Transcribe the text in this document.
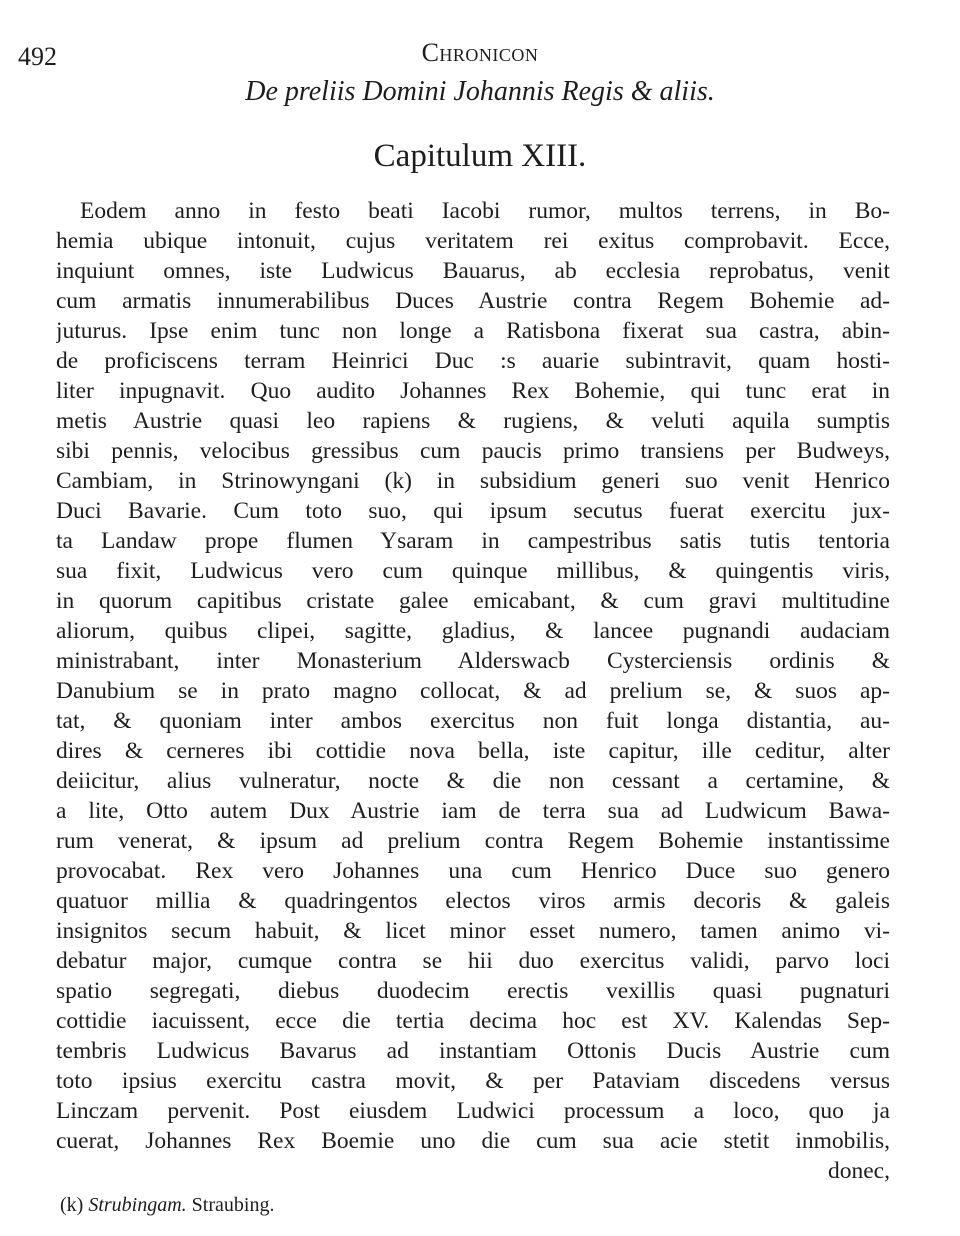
492	Chronicon
De preliis Domini Johannis Regis & aliis.
Capitulum XIII.
Eodem anno in festo beati Iacobi rumor, multos terrens, in Bo-
hemia ubique intonuit, cujus veritatem rei exitus comprobavit. Ecce,
inquiunt omnes, iste Ludwicus Bauarus, ab ecclesia reprobatus, venit
cum armatis innumerabilibus Duces Austrie contra Regem Bohemie ad-
juturus. Ipse enim tunc non longe a Ratisbona fixerat sua castra, abin-
de proficiscens terram Heinrici Duc :s auarie subintravit, quam hosti-
liter inpugnavit. Quo audito Johannes Rex Bohemie, qui tunc erat in
metis Austrie quasi leo rapiens & rugiens, & veluti aquila sumptis
sibi pennis, velocibus gressibus cum paucis primo transiens per Budweys,
Cambiam, in Strinowyngani (k) in subsidium generi suo venit Henrico
Duci Bavarie. Cum toto suo, qui ipsum secutus fuerat exercitu jux-
ta Landaw prope flumen Ysaram in campestribus satis tutis tentoria
sua fixit, Ludwicus vero cum quinque millibus, & quingentis viris,
in quorum capitibus cristate galee emicabant, & cum gravi multitudine
aliorum, quibus clipei, sagitte, gladius, & lancee pugnandi audaciam
ministrabant, inter Monasterium Alderswacb Cysterciensis ordinis &
Danubium se in prato magno collocat, & ad prelium se, & suos ap-
tat, & quoniam inter ambos exercitus non fuit longa distantia, au-
dires & cerneres ibi cottidie nova bella, iste capitur, ille ceditur, alter
deiicitur, alius vulneratur, nocte & die non cessant a certamine, &
a lite, Otto autem Dux Austrie iam de terra sua ad Ludwicum Bawa-
rum venerat, & ipsum ad prelium contra Regem Bohemie instantissime
provocabat. Rex vero Johannes una cum Henrico Duce suo genero
quatuor millia & quadringentos electos viros armis decoris & galeis
insignitos secum habuit, & licet minor esset numero, tamen animo vi-
debatur major, cumque contra se hii duo exercitus validi, parvo loci
spatio segregati, diebus duodecim erectis vexillis quasi pugnaturi
cottidie iacuissent, ecce die tertia decima hoc est XV. Kalendas Sep-
tembris Ludwicus Bavarus ad instantiam Ottonis Ducis Austrie cum
toto ipsius exercitu castra movit, & per Pataviam discedens versus
Linczam pervenit. Post eiusdem Ludwici processum a loco, quo ja
cuerat, Johannes Rex Boemie uno die cum sua acie stetit inmobilis,
donec,
(k) Strubingam. Straubing.
